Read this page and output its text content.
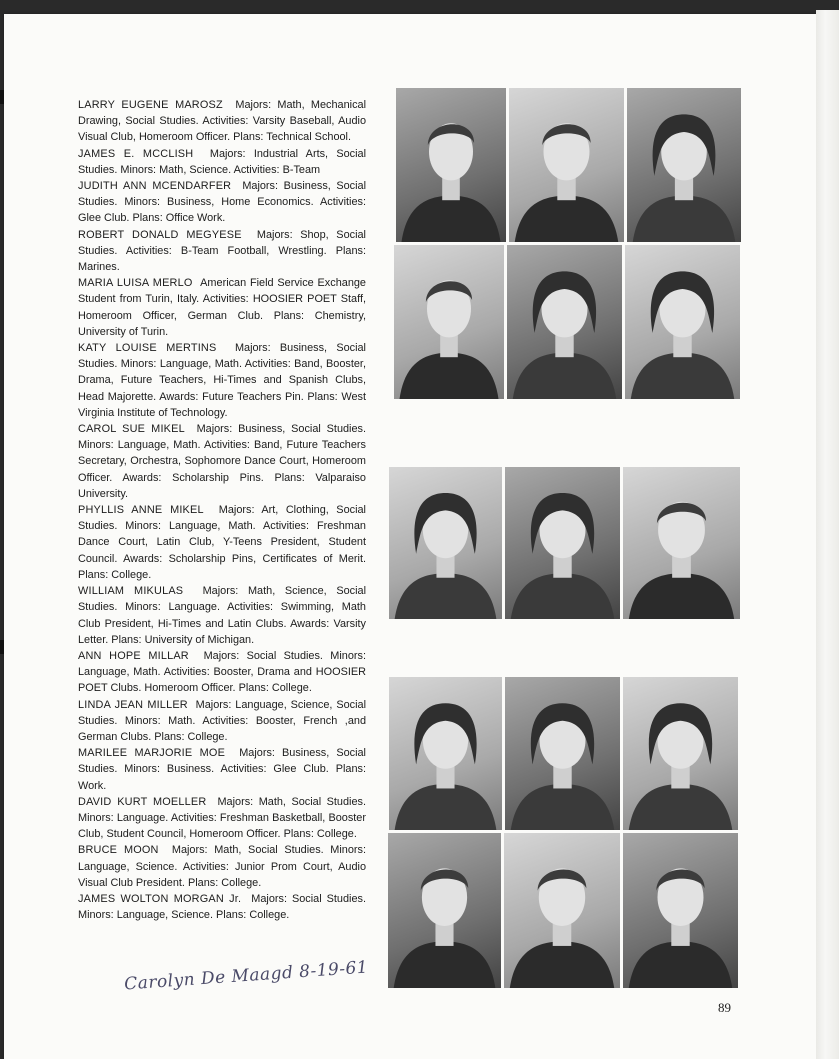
LARRY EUGENE MAROSZ Majors: Math, Mechanical Drawing, Social Studies. Activities: Varsity Baseball, Audio Visual Club, Homeroom Officer. Plans: Technical School.

JAMES E. MCCLISH Majors: Industrial Arts, Social Studies. Minors: Math, Science. Activities: B-Team

JUDITH ANN MCENDARFER Majors: Business, Social Studies. Minors: Business, Home Economics. Activities: Glee Club. Plans: Office Work.

ROBERT DONALD MEGYESE Majors: Shop, Social Studies. Activities: B-Team Football, Wrestling. Plans: Marines.

MARIA LUISA MERLO American Field Service Exchange Student from Turin, Italy. Activities: HOOSIER POET Staff, Homeroom Officer, German Club. Plans: Chemistry, University of Turin.

KATY LOUISE MERTINS Majors: Business, Social Studies. Minors: Language, Math. Activities: Band, Booster, Drama, Future Teachers, Hi-Times and Spanish Clubs, Head Majorette. Awards: Future Teachers Pin. Plans: West Virginia Institute of Technology.

CAROL SUE MIKEL Majors: Business, Social Studies. Minors: Language, Math. Activities: Band, Future Teachers Secretary, Orchestra, Sophomore Dance Court, Homeroom Officer. Awards: Scholarship Pins. Plans: Valparaiso University.

PHYLLIS ANNE MIKEL Majors: Art, Clothing, Social Studies. Minors: Language, Math. Activities: Freshman Dance Court, Latin Club, Y-Teens President, Student Council. Awards: Scholarship Pins, Certificates of Merit. Plans: College.

WILLIAM MIKULAS Majors: Math, Science, Social Studies. Minors: Language. Activities: Swimming, Math Club President, Hi-Times and Latin Clubs. Awards: Varsity Letter. Plans: University of Michigan.

ANN HOPE MILLAR Majors: Social Studies. Minors: Language, Math. Activities: Booster, Drama and HOOSIER POET Clubs. Homeroom Officer. Plans: College.

LINDA JEAN MILLER Majors: Language, Science, Social Studies. Minors: Math. Activities: Booster, French ,and German Clubs. Plans: College.

MARILEE MARJORIE MOE Majors: Business, Social Studies. Minors: Business. Activities: Glee Club. Plans: Work.

DAVID KURT MOELLER Majors: Math, Social Studies. Minors: Language. Activities: Freshman Basketball, Booster Club, Student Council, Homeroom Officer. Plans: College.

BRUCE MOON Majors: Math, Social Studies. Minors: Language, Science. Activities: Junior Prom Court, Audio Visual Club President. Plans: College.

JAMES WOLTON MORGAN Jr. Majors: Social Studies. Minors: Language, Science. Plans: College.

Carolyn De Maagd 8-19-61
89
